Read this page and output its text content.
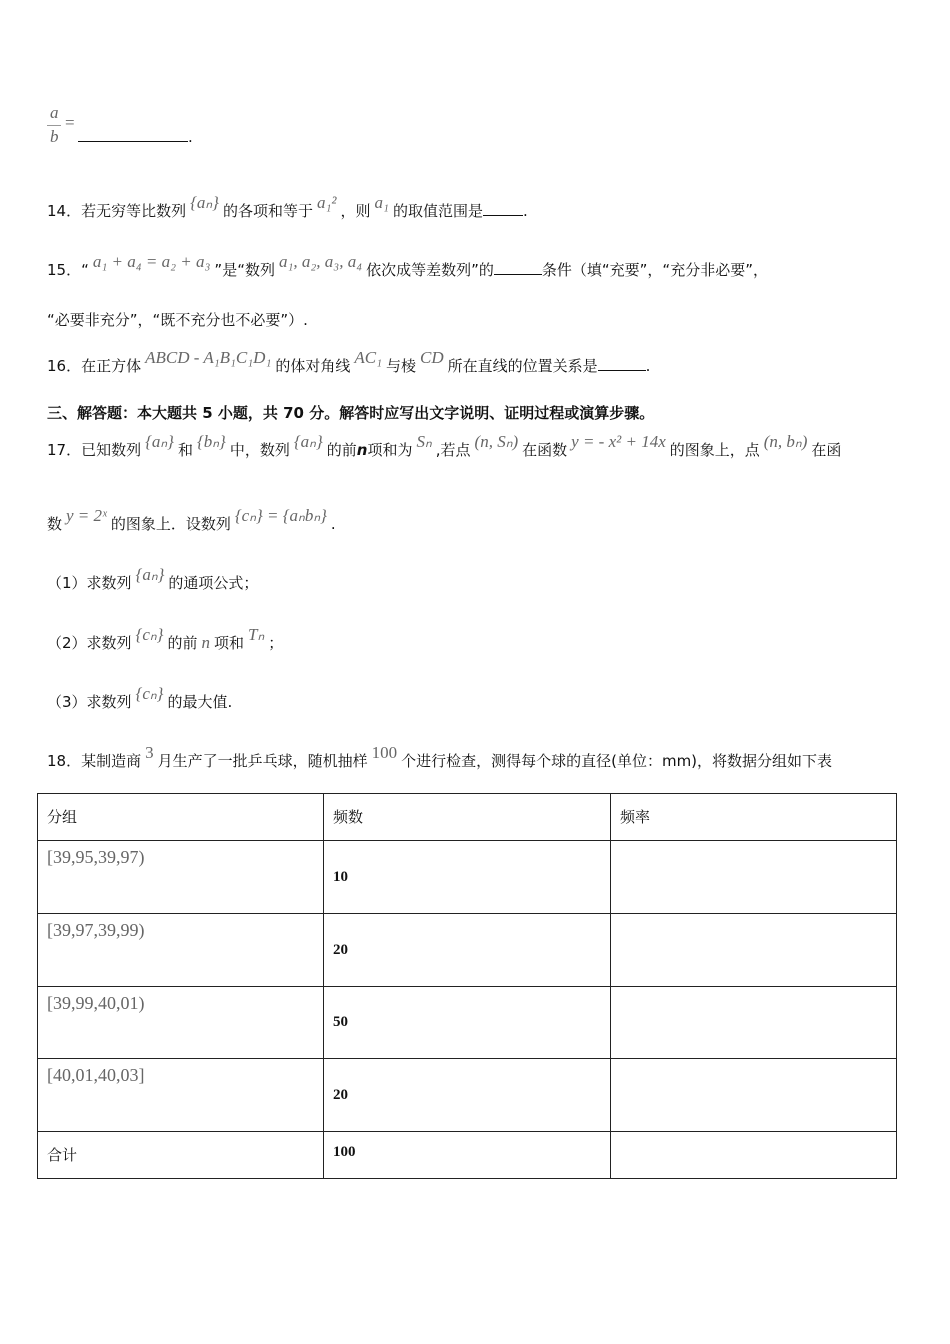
a
b
=
.
14．若无穷等比数列 {aₙ} 的各项和等于 a₁² ，则 a₁ 的取值范围是	.
15．“ a₁ + a₄ = a₂ + a₃ ”是“数列 a₁, a₂, a₃, a₄ 依次成等差数列”的	条件（填“充要”，“充分非必要”，
“必要非充分”，“既不充分也不必要”）.
16．在正方体 ABCD - A₁B₁C₁D₁ 的体对角线 AC₁ 与棱 CD 所在直线的位置关系是	.
三、解答题：本大题共 5 小题，共 70 分。解答时应写出文字说明、证明过程或演算步骤。
17．已知数列 {aₙ} 和 {bₙ} 中，数列 {aₙ} 的前n项和为 Sₙ ,若点 (n, Sₙ) 在函数 y = - x² + 14x 的图象上，点 (n, bₙ) 在函
数 y = 2ˣ 的图象上．设数列 {cₙ} = {aₙbₙ} .
（1）求数列 {aₙ} 的通项公式；
（2）求数列 {cₙ} 的前 n 项和 Tₙ ；
（3）求数列 {cₙ} 的最大值.
18．某制造商 3 月生产了一批乒乓球，随机抽样 100 个进行检查，测得每个球的直径(单位：mm)，将数据分组如下表
分组	频数	频率
[39,95,39,97)	10	
[39,97,39,99)	20	
[39,99,40,01)	50	
[40,01,40,03]	20	
合计	100	
